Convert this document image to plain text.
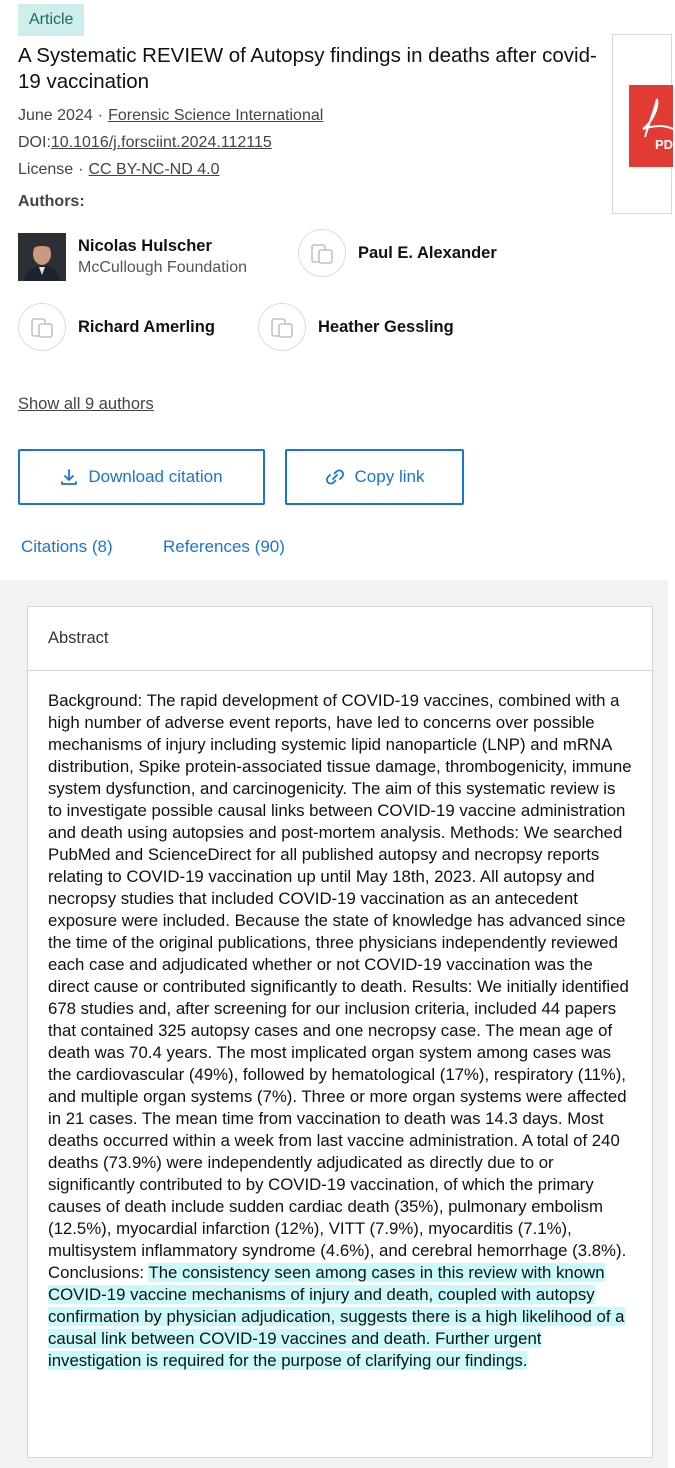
Article
A Systematic REVIEW of Autopsy findings in deaths after covid-19 vaccination
June 2024 · Forensic Science International
DOI:10.1016/j.forsciint.2024.112115
License · CC BY-NC-ND 4.0
PD
Authors:
Nicolas Hulscher
McCullough Foundation
Paul E. Alexander
Richard Amerling	Heather Gessling
Show all 9 authors
Download citation	Copy link
Citations (8)	References (90)
Abstract

Background: The rapid development of COVID-19 vaccines, combined with a high number of adverse event reports, have led to concerns over possible mechanisms of injury including systemic lipid nanoparticle (LNP) and mRNA distribution, Spike protein-associated tissue damage, thrombogenicity, immune system dysfunction, and carcinogenicity. The aim of this systematic review is to investigate possible causal links between COVID-19 vaccine administration and death using autopsies and post-mortem analysis. Methods: We searched PubMed and ScienceDirect for all published autopsy and necropsy reports relating to COVID-19 vaccination up until May 18th, 2023. All autopsy and necropsy studies that included COVID-19 vaccination as an antecedent exposure were included. Because the state of knowledge has advanced since the time of the original publications, three physicians independently reviewed each case and adjudicated whether or not COVID-19 vaccination was the direct cause or contributed significantly to death. Results: We initially identified 678 studies and, after screening for our inclusion criteria, included 44 papers that contained 325 autopsy cases and one necropsy case. The mean age of death was 70.4 years. The most implicated organ system among cases was the cardiovascular (49%), followed by hematological (17%), respiratory (11%), and multiple organ systems (7%). Three or more organ systems were affected in 21 cases. The mean time from vaccination to death was 14.3 days. Most deaths occurred within a week from last vaccine administration. A total of 240 deaths (73.9%) were independently adjudicated as directly due to or significantly contributed to by COVID-19 vaccination, of which the primary causes of death include sudden cardiac death (35%), pulmonary embolism (12.5%), myocardial infarction (12%), VITT (7.9%), myocarditis (7.1%), multisystem inflammatory syndrome (4.6%), and cerebral hemorrhage (3.8%). Conclusions: The consistency seen among cases in this review with known COVID-19 vaccine mechanisms of injury and death, coupled with autopsy confirmation by physician adjudication, suggests there is a high likelihood of a causal link between COVID-19 vaccines and death. Further urgent investigation is required for the purpose of clarifying our findings.
